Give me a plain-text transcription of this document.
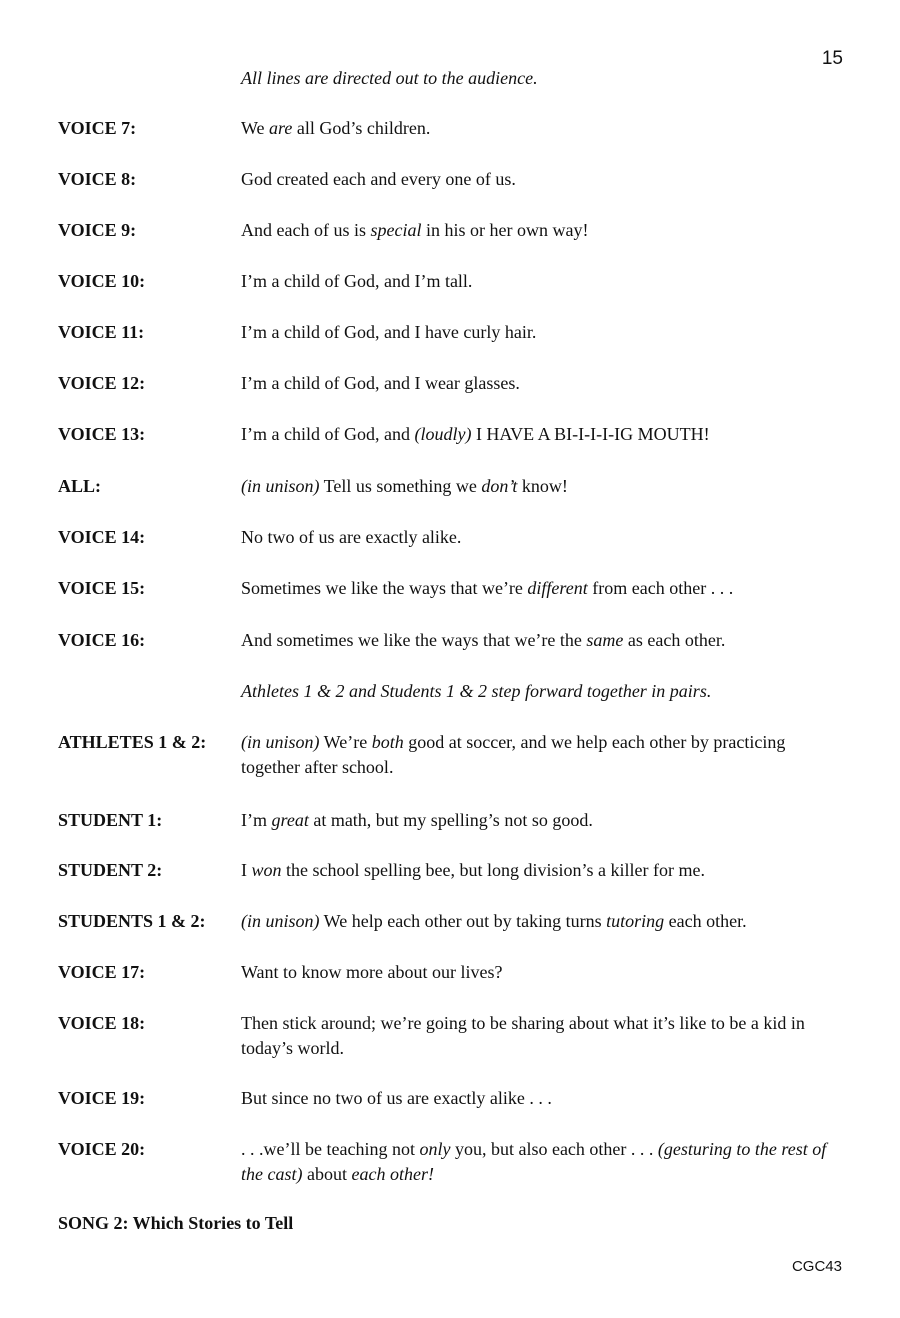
15
All lines are directed out to the audience.
VOICE 7:	We are all God’s children.
VOICE 8:	God created each and every one of us.
VOICE 9:	And each of us is special in his or her own way!
VOICE 10:	I’m a child of God, and I’m tall.
VOICE 11:	I’m a child of God, and I have curly hair.
VOICE 12:	I’m a child of God, and I wear glasses.
VOICE 13:	I’m a child of God, and (loudly) I HAVE A BI-I-I-I-IG MOUTH!
ALL:	(in unison) Tell us something we don’t know!
VOICE 14:	No two of us are exactly alike.
VOICE 15:	Sometimes we like the ways that we’re different from each other . . .
VOICE 16:	And sometimes we like the ways that we’re the same as each other.
Athletes 1 & 2 and Students 1 & 2 step forward together in pairs.
ATHLETES 1 & 2:	(in unison) We’re both good at soccer, and we help each other by practicing together after school.
STUDENT 1:	I’m great at math, but my spelling’s not so good.
STUDENT 2:	I won the school spelling bee, but long division’s a killer for me.
STUDENTS 1 & 2:	(in unison) We help each other out by taking turns tutoring each other.
VOICE 17:	Want to know more about our lives?
VOICE 18:	Then stick around; we’re going to be sharing about what it’s like to be a kid in today’s world.
VOICE 19:	But since no two of us are exactly alike . . .
VOICE 20:	. . .we’ll be teaching not only you, but also each other . . . (gesturing to the rest of the cast) about each other!
SONG 2: Which Stories to Tell
CGC43
